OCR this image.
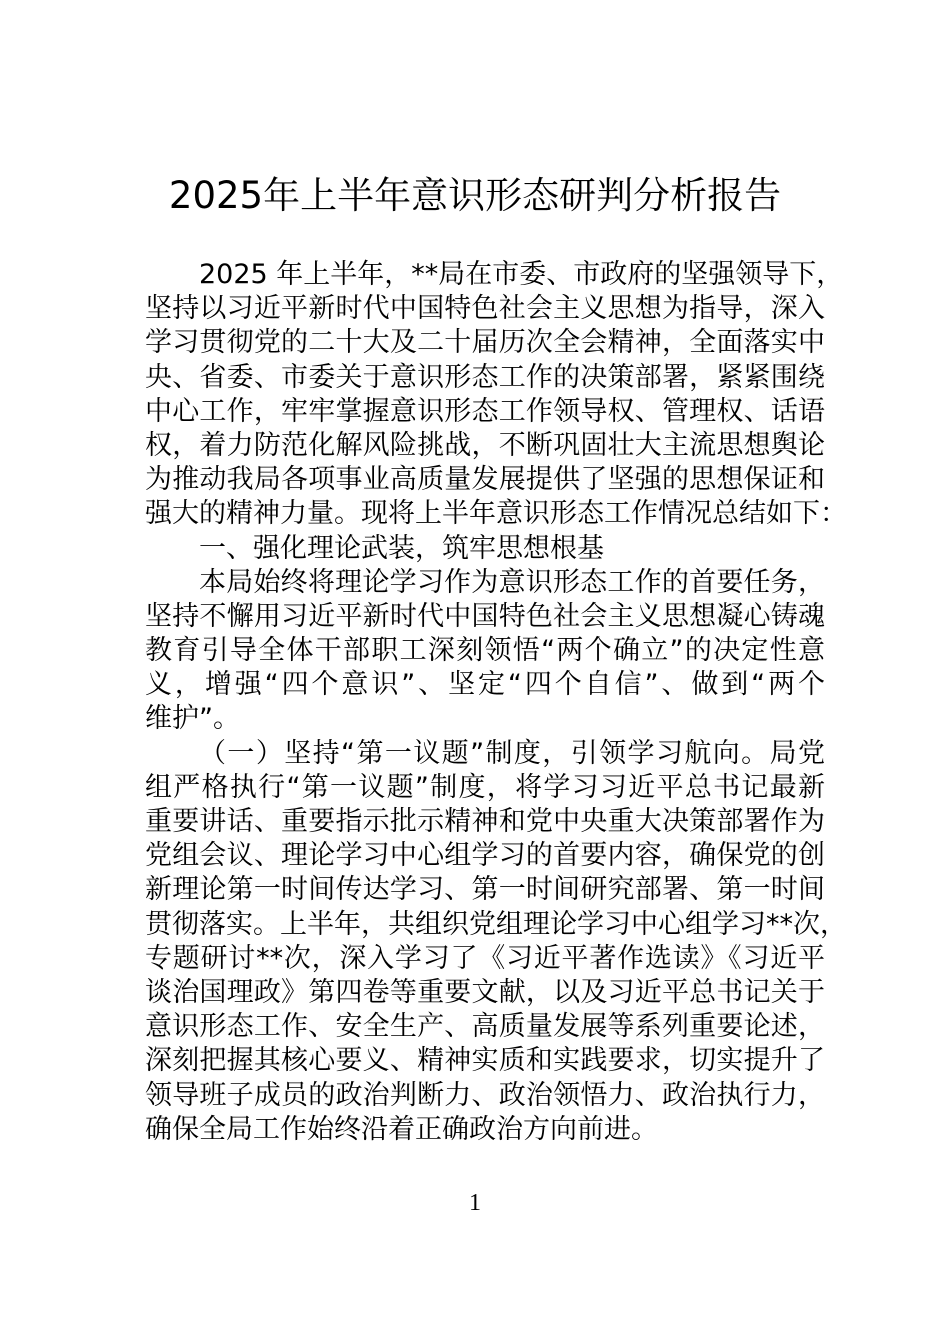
2025年上半年意识形态研判分析报告
2025 年上半年，**局在市委、市政府的坚强领导下，
坚持以习近平新时代中国特色社会主义思想为指导，深入
学习贯彻党的二十大及二十届历次全会精神，全面落实中
央、省委、市委关于意识形态工作的决策部署，紧紧围绕
中心工作，牢牢掌握意识形态工作领导权、管理权、话语
权，着力防范化解风险挑战，不断巩固壮大主流思想舆论
为推动我局各项事业高质量发展提供了坚强的思想保证和
强大的精神力量。现将上半年意识形态工作情况总结如下：
一、强化理论武装，筑牢思想根基
本局始终将理论学习作为意识形态工作的首要任务，
坚持不懈用习近平新时代中国特色社会主义思想凝心铸魂
教育引导全体干部职工深刻领悟“两个确立”的决定性意
义，增强“四个意识”、坚定“四个自信”、做到“两个
维护”。
（一）坚持“第一议题”制度，引领学习航向。局党
组严格执行“第一议题”制度，将学习习近平总书记最新
重要讲话、重要指示批示精神和党中央重大决策部署作为
党组会议、理论学习中心组学习的首要内容，确保党的创
新理论第一时间传达学习、第一时间研究部署、第一时间
贯彻落实。上半年，共组织党组理论学习中心组学习**次，
专题研讨**次，深入学习了《习近平著作选读》《习近平
谈治国理政》第四卷等重要文献，以及习近平总书记关于
意识形态工作、安全生产、高质量发展等系列重要论述，
深刻把握其核心要义、精神实质和实践要求，切实提升了
领导班子成员的政治判断力、政治领悟力、政治执行力，
确保全局工作始终沿着正确政治方向前进。
1
